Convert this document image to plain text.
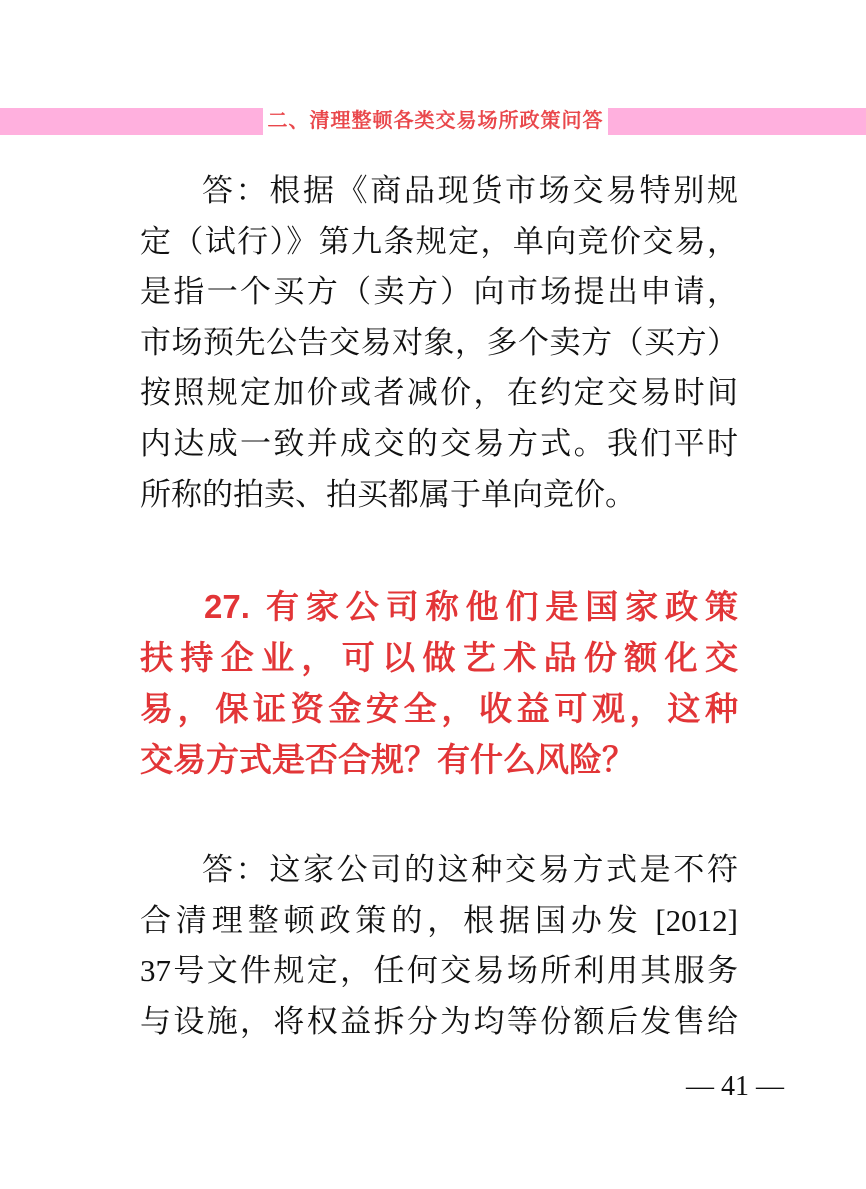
二、清理整顿各类交易场所政策问答
答：根据《商品现货市场交易特别规
定（试行）》第九条规定，单向竞价交易，
是指一个买方（卖方）向市场提出申请，
市场预先公告交易对象，多个卖方（买方）
按照规定加价或者减价，在约定交易时间
内达成一致并成交的交易方式。我们平时
所称的拍卖、拍买都属于单向竞价。
27. 有家公司称他们是国家政策
扶持企业，可以做艺术品份额化交
易，保证资金安全，收益可观，这种
交易方式是否合规？有什么风险？
答：这家公司的这种交易方式是不符
合清理整顿政策的，根据国办发 [2012]
37号文件规定，任何交易场所利用其服务
与设施，将权益拆分为均等份额后发售给
— 41 —
